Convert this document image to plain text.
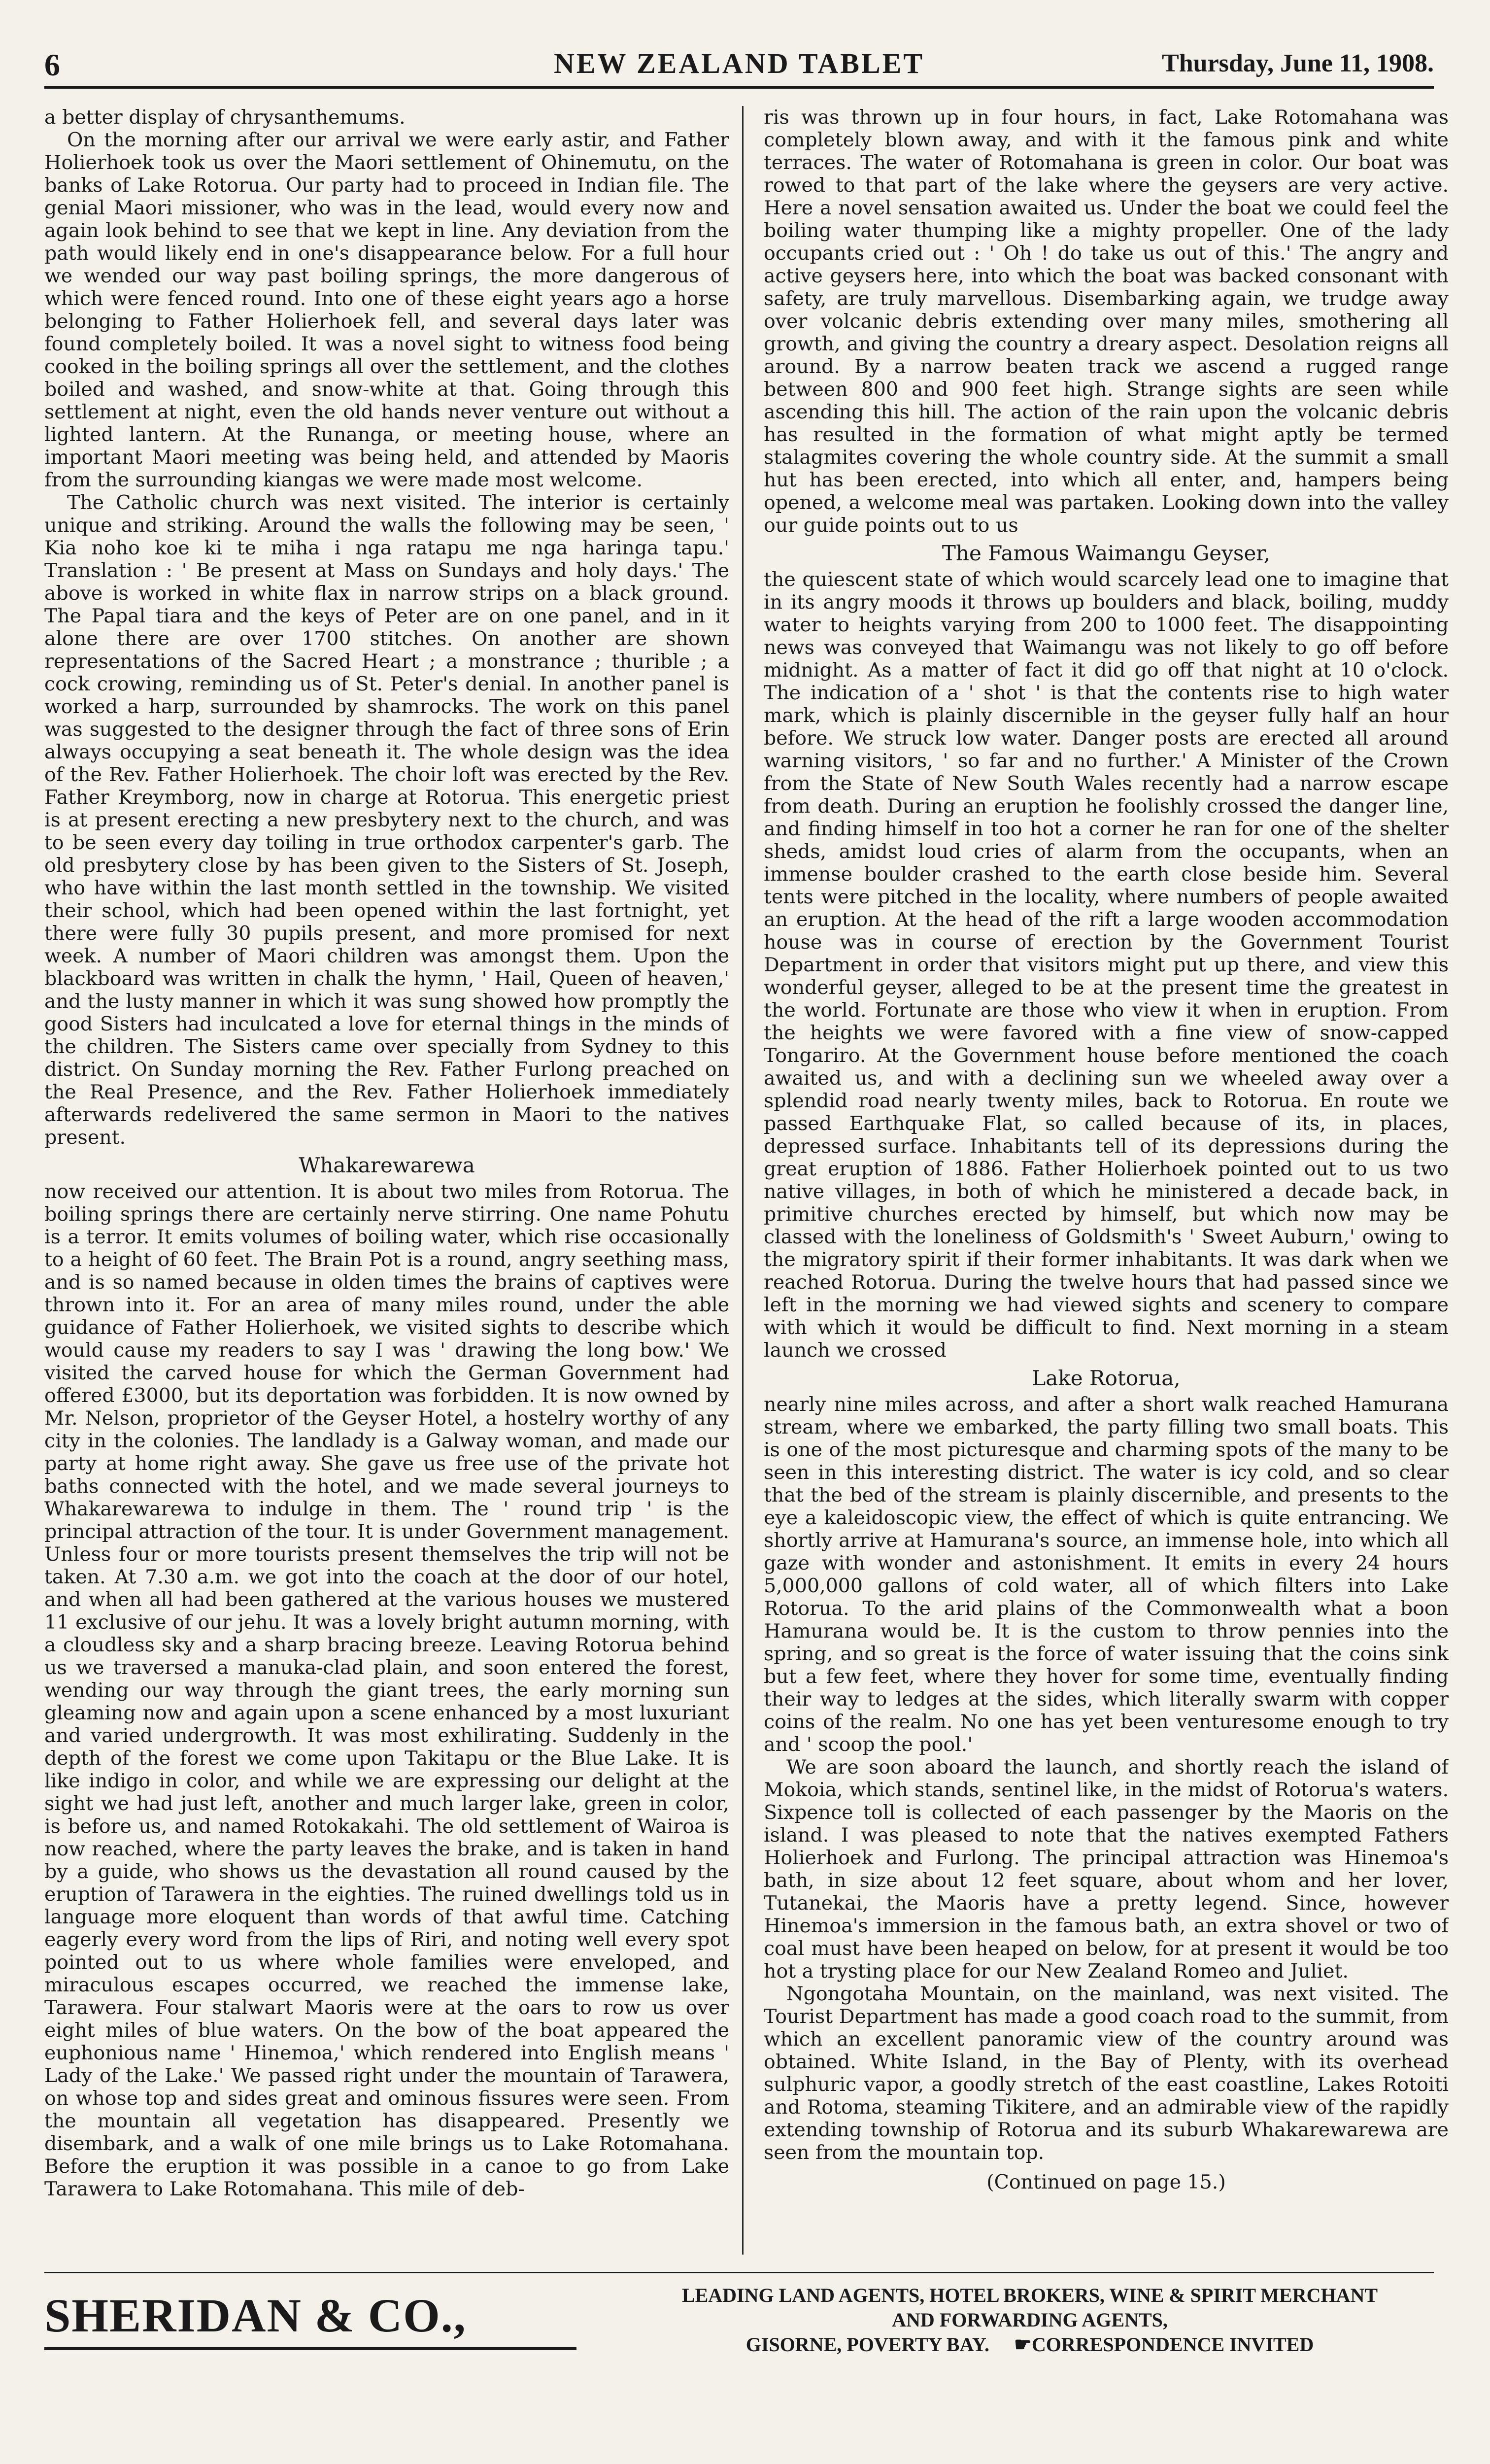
6	NEW ZEALAND TABLET	Thursday, June 11, 1908.

a better display of chrysanthemums.

On the morning after our arrival we were early astir, and Father Holierhoek took us over the Maori settlement of Ohinemutu, on the banks of Lake Rotorua. Our party had to proceed in Indian file. The genial Maori missioner, who was in the lead, would every now and again look behind to see that we kept in line. Any deviation from the path would likely end in one's disappearance below. For a full hour we wended our way past boiling springs, the more dangerous of which were fenced round. Into one of these eight years ago a horse belonging to Father Holierhoek fell, and several days later was found completely boiled. It was a novel sight to witness food being cooked in the boiling springs all over the settlement, and the clothes boiled and washed, and snow-white at that. Going through this settlement at night, even the old hands never venture out without a lighted lantern. At the Runanga, or meeting house, where an important Maori meeting was being held, and attended by Maoris from the surrounding kiangas we were made most welcome.

The Catholic church was next visited. The interior is certainly unique and striking. Around the walls the following may be seen, ' Kia noho koe ki te miha i nga ratapu me nga haringa tapu.' Translation : ' Be present at Mass on Sundays and holy days.' The above is worked in white flax in narrow strips on a black ground. The Papal tiara and the keys of Peter are on one panel, and in it alone there are over 1700 stitches. On another are shown representations of the Sacred Heart ; a monstrance ; thurible ; a cock crowing, reminding us of St. Peter's denial. In another panel is worked a harp, surrounded by shamrocks. The work on this panel was suggested to the designer through the fact of three sons of Erin always occupying a seat beneath it. The whole design was the idea of the Rev. Father Holierhoek. The choir loft was erected by the Rev. Father Kreymborg, now in charge at Rotorua. This energetic priest is at present erecting a new presbytery next to the church, and was to be seen every day toiling in true orthodox carpenter's garb. The old presbytery close by has been given to the Sisters of St. Joseph, who have within the last month settled in the township. We visited their school, which had been opened within the last fortnight, yet there were fully 30 pupils present, and more promised for next week. A number of Maori children was amongst them. Upon the blackboard was written in chalk the hymn, ' Hail, Queen of heaven,' and the lusty manner in which it was sung showed how promptly the good Sisters had inculcated a love for eternal things in the minds of the children. The Sisters came over specially from Sydney to this district. On Sunday morning the Rev. Father Furlong preached on the Real Presence, and the Rev. Father Holierhoek immediately afterwards redelivered the same sermon in Maori to the natives present.

Whakarewarewa

now received our attention. It is about two miles from Rotorua. The boiling springs there are certainly nerve stirring. One name Pohutu is a terror. It emits volumes of boiling water, which rise occasionally to a height of 60 feet. The Brain Pot is a round, angry seething mass, and is so named because in olden times the brains of captives were thrown into it. For an area of many miles round, under the able guidance of Father Holierhoek, we visited sights to describe which would cause my readers to say I was ' drawing the long bow.' We visited the carved house for which the German Government had offered £3000, but its deportation was forbidden. It is now owned by Mr. Nelson, proprietor of the Geyser Hotel, a hostelry worthy of any city in the colonies. The landlady is a Galway woman, and made our party at home right away. She gave us free use of the private hot baths connected with the hotel, and we made several journeys to Whakarewarewa to indulge in them. The ' round trip ' is the principal attraction of the tour. It is under Government management. Unless four or more tourists present themselves the trip will not be taken. At 7.30 a.m. we got into the coach at the door of our hotel, and when all had been gathered at the various houses we mustered 11 exclusive of our jehu. It was a lovely bright autumn morning, with a cloudless sky and a sharp bracing breeze. Leaving Rotorua behind us we traversed a manuka-clad plain, and soon entered the forest, wending our way through the giant trees, the early morning sun gleaming now and again upon a scene enhanced by a most luxuriant and varied undergrowth. It was most exhilirating. Suddenly in the depth of the forest we come upon Takitapu or the Blue Lake. It is like indigo in color, and while we are expressing our delight at the sight we had just left, another and much larger lake, green in color, is before us, and named Rotokakahi. The old settlement of Wairoa is now reached, where the party leaves the brake, and is taken in hand by a guide, who shows us the devastation all round caused by the eruption of Tarawera in the eighties. The ruined dwellings told us in language more eloquent than words of that awful time. Catching eagerly every word from the lips of Riri, and noting well every spot pointed out to us where whole families were enveloped, and miraculous escapes occurred, we reached the immense lake, Tarawera. Four stalwart Maoris were at the oars to row us over eight miles of blue waters. On the bow of the boat appeared the euphonious name ' Hinemoa,' which rendered into English means ' Lady of the Lake.' We passed right under the mountain of Tarawera, on whose top and sides great and ominous fissures were seen. From the mountain all vegetation has disappeared. Presently we disembark, and a walk of one mile brings us to Lake Rotomahana. Before the eruption it was possible in a canoe to go from Lake Tarawera to Lake Rotomahana. This mile of deb-

ris was thrown up in four hours, in fact, Lake Rotomahana was completely blown away, and with it the famous pink and white terraces. The water of Rotomahana is green in color. Our boat was rowed to that part of the lake where the geysers are very active. Here a novel sensation awaited us. Under the boat we could feel the boiling water thumping like a mighty propeller. One of the lady occupants cried out : ' Oh ! do take us out of this.' The angry and active geysers here, into which the boat was backed consonant with safety, are truly marvellous. Disembarking again, we trudge away over volcanic debris extending over many miles, smothering all growth, and giving the country a dreary aspect. Desolation reigns all around. By a narrow beaten track we ascend a rugged range between 800 and 900 feet high. Strange sights are seen while ascending this hill. The action of the rain upon the volcanic debris has resulted in the formation of what might aptly be termed stalagmites covering the whole country side. At the summit a small hut has been erected, into which all enter, and, hampers being opened, a welcome meal was partaken. Looking down into the valley our guide points out to us

The Famous Waimangu Geyser,

the quiescent state of which would scarcely lead one to imagine that in its angry moods it throws up boulders and black, boiling, muddy water to heights varying from 200 to 1000 feet. The disappointing news was conveyed that Waimangu was not likely to go off before midnight. As a matter of fact it did go off that night at 10 o'clock. The indication of a ' shot ' is that the contents rise to high water mark, which is plainly discernible in the geyser fully half an hour before. We struck low water. Danger posts are erected all around warning visitors, ' so far and no further.' A Minister of the Crown from the State of New South Wales recently had a narrow escape from death. During an eruption he foolishly crossed the danger line, and finding himself in too hot a corner he ran for one of the shelter sheds, amidst loud cries of alarm from the occupants, when an immense boulder crashed to the earth close beside him. Several tents were pitched in the locality, where numbers of people awaited an eruption. At the head of the rift a large wooden accommodation house was in course of erection by the Government Tourist Department in order that visitors might put up there, and view this wonderful geyser, alleged to be at the present time the greatest in the world. Fortunate are those who view it when in eruption. From the heights we were favored with a fine view of snow-capped Tongariro. At the Government house before mentioned the coach awaited us, and with a declining sun we wheeled away over a splendid road nearly twenty miles, back to Rotorua. En route we passed Earthquake Flat, so called because of its, in places, depressed surface. Inhabitants tell of its depressions during the great eruption of 1886. Father Holierhoek pointed out to us two native villages, in both of which he ministered a decade back, in primitive churches erected by himself, but which now may be classed with the loneliness of Goldsmith's ' Sweet Auburn,' owing to the migratory spirit if their former inhabitants. It was dark when we reached Rotorua. During the twelve hours that had passed since we left in the morning we had viewed sights and scenery to compare with which it would be difficult to find. Next morning in a steam launch we crossed

Lake Rotorua,

nearly nine miles across, and after a short walk reached Hamurana stream, where we embarked, the party filling two small boats. This is one of the most picturesque and charming spots of the many to be seen in this interesting district. The water is icy cold, and so clear that the bed of the stream is plainly discernible, and presents to the eye a kaleidoscopic view, the effect of which is quite entrancing. We shortly arrive at Hamurana's source, an immense hole, into which all gaze with wonder and astonishment. It emits in every 24 hours 5,000,000 gallons of cold water, all of which filters into Lake Rotorua. To the arid plains of the Commonwealth what a boon Hamurana would be. It is the custom to throw pennies into the spring, and so great is the force of water issuing that the coins sink but a few feet, where they hover for some time, eventually finding their way to ledges at the sides, which literally swarm with copper coins of the realm. No one has yet been venturesome enough to try and ' scoop the pool.'

We are soon aboard the launch, and shortly reach the island of Mokoia, which stands, sentinel like, in the midst of Rotorua's waters. Sixpence toll is collected of each passenger by the Maoris on the island. I was pleased to note that the natives exempted Fathers Holierhoek and Furlong. The principal attraction was Hinemoa's bath, in size about 12 feet square, about whom and her lover, Tutanekai, the Maoris have a pretty legend. Since, however Hinemoa's immersion in the famous bath, an extra shovel or two of coal must have been heaped on below, for at present it would be too hot a trysting place for our New Zealand Romeo and Juliet.

Ngongotaha Mountain, on the mainland, was next visited. The Tourist Department has made a good coach road to the summit, from which an excellent panoramic view of the country around was obtained. White Island, in the Bay of Plenty, with its overhead sulphuric vapor, a goodly stretch of the east coastline, Lakes Rotoiti and Rotoma, steaming Tikitere, and an admirable view of the rapidly extending township of Rotorua and its suburb Whakarewarewa are seen from the mountain top.

(Continued on page 15.)
SHERIDAN & CO.,	LEADING LAND AGENTS, HOTEL BROKERS, WINE & SPIRIT MERCHANT
AND FORWARDING AGENTS,
GISORNE, POVERTY BAY. ☛CORRESPONDENCE INVITED
